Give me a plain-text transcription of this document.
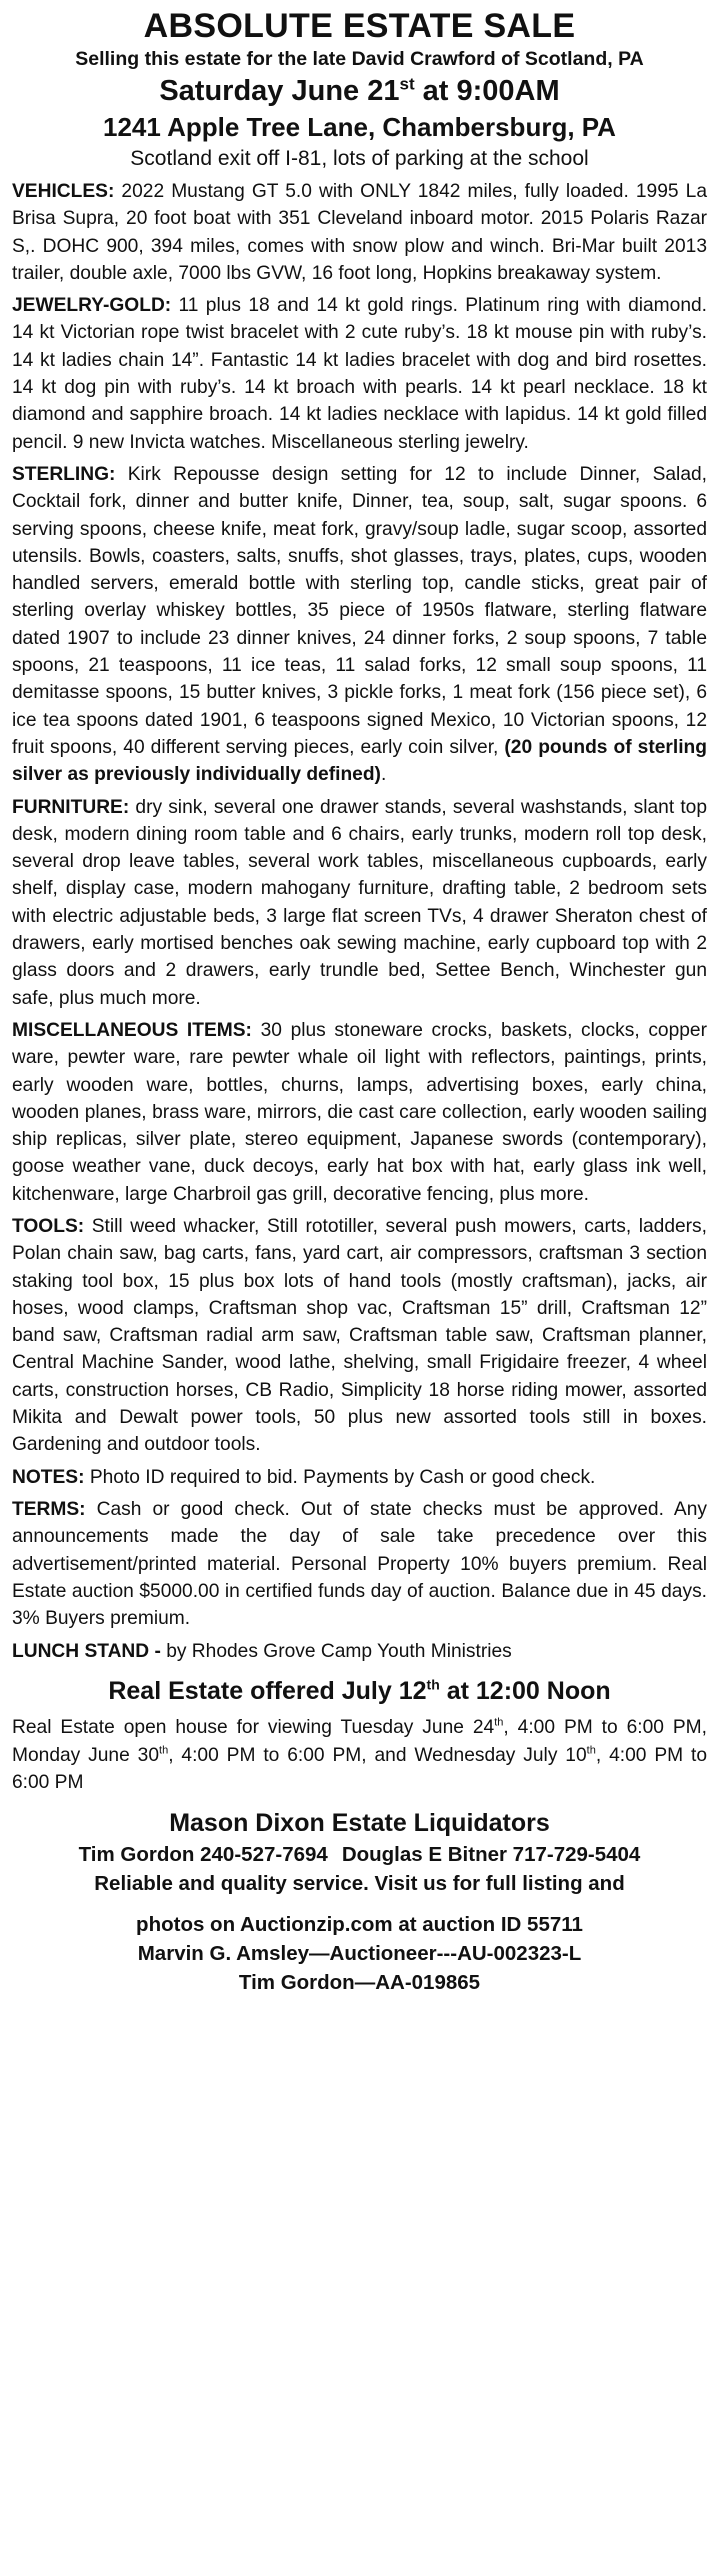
ABSOLUTE ESTATE SALE
Selling this estate for the late David Crawford of Scotland, PA
Saturday June 21st at 9:00AM
1241 Apple Tree Lane, Chambersburg, PA
Scotland exit off I-81, lots of parking at the school
VEHICLES: 2022 Mustang GT 5.0 with ONLY 1842 miles, fully loaded. 1995 La Brisa Supra, 20 foot boat with 351 Cleveland inboard motor. 2015 Polaris Razar S,. DOHC 900, 394 miles, comes with snow plow and winch. Bri-Mar built 2013 trailer, double axle, 7000 lbs GVW, 16 foot long, Hopkins breakaway system.
JEWELRY-GOLD: 11 plus 18 and 14 kt gold rings. Platinum ring with diamond. 14 kt Victorian rope twist bracelet with 2 cute ruby’s. 18 kt mouse pin with ruby’s. 14 kt ladies chain 14”. Fantastic 14 kt ladies bracelet with dog and bird rosettes. 14 kt dog pin with ruby’s. 14 kt broach with pearls. 14 kt pearl necklace. 18 kt diamond and sapphire broach. 14 kt ladies necklace with lapidus. 14 kt gold filled pencil. 9 new Invicta watches. Miscellaneous sterling jewelry.
STERLING: Kirk Repousse design setting for 12 to include Dinner, Salad, Cocktail fork, dinner and butter knife, Dinner, tea, soup, salt, sugar spoons. 6 serving spoons, cheese knife, meat fork, gravy/soup ladle, sugar scoop, assorted utensils. Bowls, coasters, salts, snuffs, shot glasses, trays, plates, cups, wooden handled servers, emerald bottle with sterling top, candle sticks, great pair of sterling overlay whiskey bottles, 35 piece of 1950s flatware, sterling flatware dated 1907 to include 23 dinner knives, 24 dinner forks, 2 soup spoons, 7 table spoons, 21 teaspoons, 11 ice teas, 11 salad forks, 12 small soup spoons, 11 demitasse spoons, 15 butter knives, 3 pickle forks, 1 meat fork (156 piece set), 6 ice tea spoons dated 1901, 6 teaspoons signed Mexico, 10 Victorian spoons, 12 fruit spoons, 40 different serving pieces, early coin silver, (20 pounds of sterling silver as previously individually defined).
FURNITURE: dry sink, several one drawer stands, several washstands, slant top desk, modern dining room table and 6 chairs, early trunks, modern roll top desk, several drop leave tables, several work tables, miscellaneous cupboards, early shelf, display case, modern mahogany furniture, drafting table, 2 bedroom sets with electric adjustable beds, 3 large flat screen TVs, 4 drawer Sheraton chest of drawers, early mortised benches oak sewing machine, early cupboard top with 2 glass doors and 2 drawers, early trundle bed, Settee Bench, Winchester gun safe, plus much more.
MISCELLANEOUS ITEMS: 30 plus stoneware crocks, baskets, clocks, copper ware, pewter ware, rare pewter whale oil light with reflectors, paintings, prints, early wooden ware, bottles, churns, lamps, advertising boxes, early china, wooden planes, brass ware, mirrors, die cast care collection, early wooden sailing ship replicas, silver plate, stereo equipment, Japanese swords (contemporary), goose weather vane, duck decoys, early hat box with hat, early glass ink well, kitchenware, large Charbroil gas grill, decorative fencing, plus more.
TOOLS: Still weed whacker, Still rototiller, several push mowers, carts, ladders, Polan chain saw, bag carts, fans, yard cart, air compressors, craftsman 3 section staking tool box, 15 plus box lots of hand tools (mostly craftsman), jacks, air hoses, wood clamps, Craftsman shop vac, Craftsman 15” drill, Craftsman 12” band saw, Craftsman radial arm saw, Craftsman table saw, Craftsman planner, Central Machine Sander, wood lathe, shelving, small Frigidaire freezer, 4 wheel carts, construction horses, CB Radio, Simplicity 18 horse riding mower, assorted Mikita and Dewalt power tools, 50 plus new assorted tools still in boxes. Gardening and outdoor tools.
NOTES: Photo ID required to bid. Payments by Cash or good check.
TERMS: Cash or good check. Out of state checks must be approved. Any announcements made the day of sale take precedence over this advertisement/printed material. Personal Property 10% buyers premium. Real Estate auction $5000.00 in certified funds day of auction. Balance due in 45 days. 3% Buyers premium.
LUNCH STAND - by Rhodes Grove Camp Youth Ministries
Real Estate offered July 12th at 12:00 Noon
Real Estate open house for viewing Tuesday June 24th, 4:00 PM to 6:00 PM, Monday June 30th, 4:00 PM to 6:00 PM, and Wednesday July 10th, 4:00 PM to 6:00 PM
Mason Dixon Estate Liquidators
Tim Gordon 240-527-7694 Douglas E Bitner 717-729-5404
Reliable and quality service. Visit us for full listing and
photos on Auctionzip.com at auction ID 55711
Marvin G. Amsley—Auctioneer---AU-002323-L
Tim Gordon—AA-019865
